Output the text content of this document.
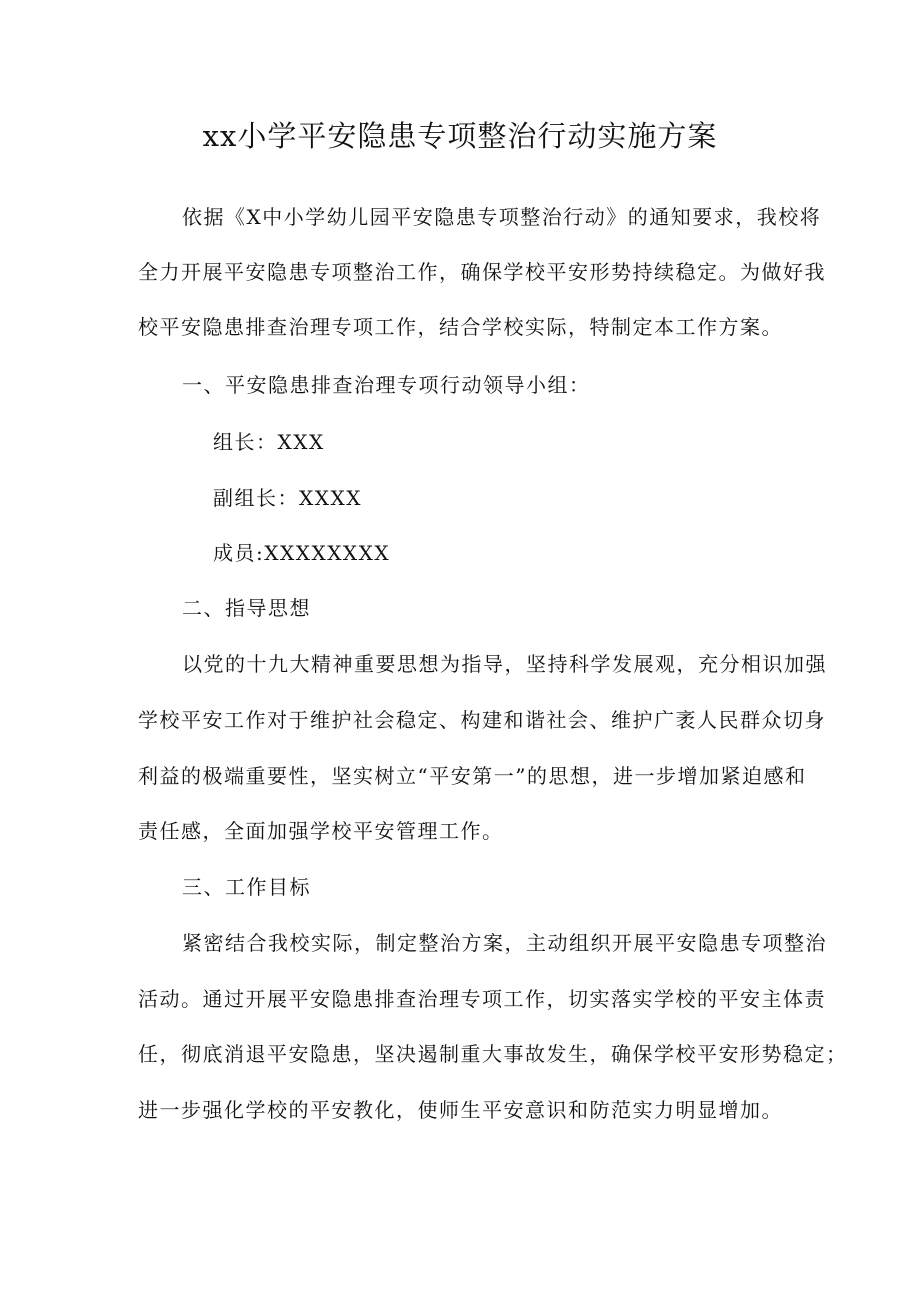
xx小学平安隐患专项整治行动实施方案
依据《X中小学幼儿园平安隐患专项整治行动》的通知要求，我校将
全力开展平安隐患专项整治工作，确保学校平安形势持续稳定。为做好我
校平安隐患排查治理专项工作，结合学校实际，特制定本工作方案。
一、平安隐患排查治理专项行动领导小组：
组长：XXX
副组长：XXXX
成员:XXXXXXXX
二、指导思想
以党的十九大精神重要思想为指导，坚持科学发展观，充分相识加强
学校平安工作对于维护社会稳定、构建和谐社会、维护广袤人民群众切身
利益的极端重要性，坚实树立“平安第一”的思想，进一步增加紧迫感和
责任感，全面加强学校平安管理工作。
三、工作目标
紧密结合我校实际，制定整治方案，主动组织开展平安隐患专项整治
活动。通过开展平安隐患排查治理专项工作，切实落实学校的平安主体责
任，彻底消退平安隐患，坚决遏制重大事故发生，确保学校平安形势稳定；
进一步强化学校的平安教化，使师生平安意识和防范实力明显增加。
